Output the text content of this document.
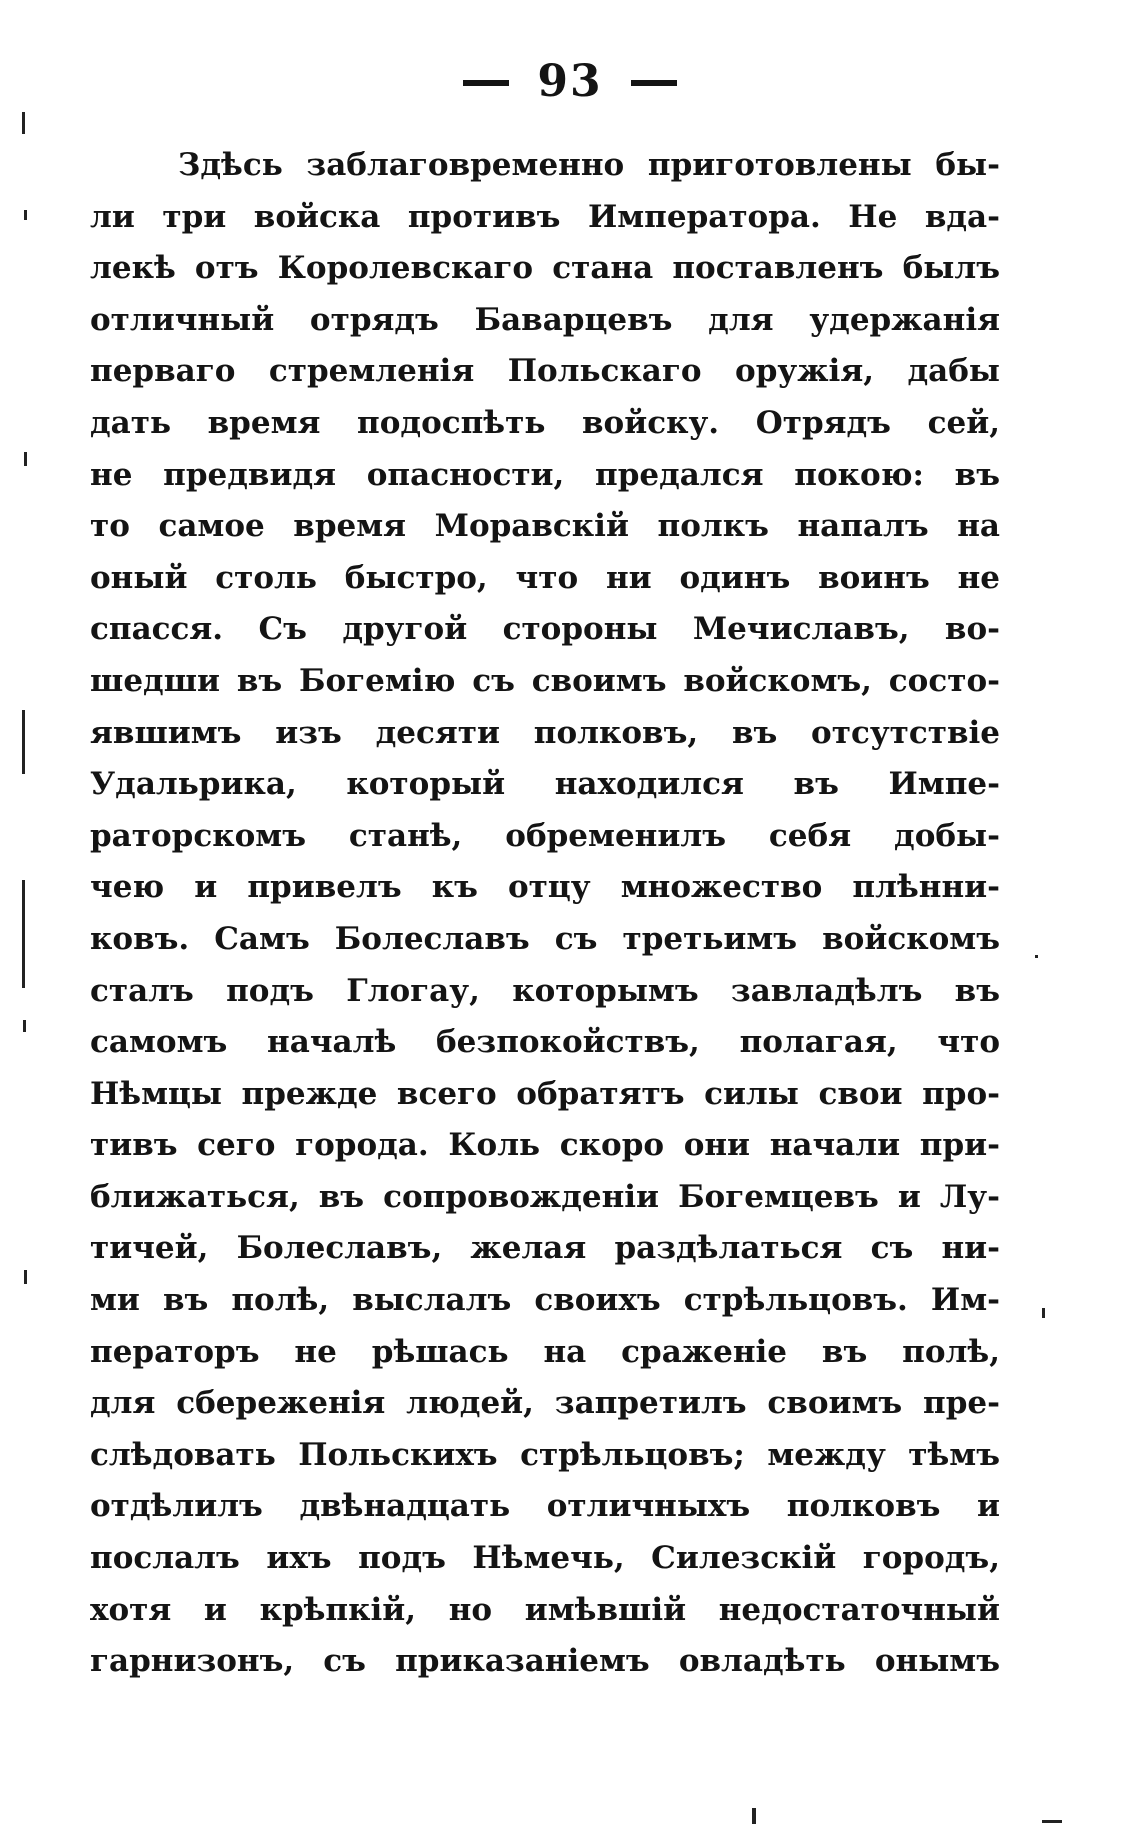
93
Здѣсь заблаговременно приготовлены бы-
ли три войска противъ Императора. Не вда-
лекѣ отъ Королевскаго стана поставленъ былъ
отличный отрядъ Баварцевъ для удержанія
перваго стремленія Польскаго оружія, дабы
дать время подоспѣть войску. Отрядъ сей,
не предвидя опасности, предался покою: въ
то самое время Моравскій полкъ напалъ на
оный столь быстро, что ни одинъ воинъ не
спасся. Съ другой стороны Мечиславъ, во-
шедши въ Богемію съ своимъ войскомъ, состо-
явшимъ изъ десяти полковъ, въ отсутствіе
Удальрика, который находился въ Импе-
раторскомъ станѣ, обременилъ себя добы-
чею и привелъ къ отцу множество плѣнни-
ковъ. Самъ Болеславъ съ третьимъ войскомъ
сталъ подъ Глогау, которымъ завладѣлъ въ
самомъ началѣ безпокойствъ, полагая, что
Нѣмцы прежде всего обратятъ силы свои про-
тивъ сего города. Коль скоро они начали при-
ближаться, въ сопровожденіи Богемцевъ и Лу-
тичей, Болеславъ, желая раздѣлаться съ ни-
ми въ полѣ, выслалъ своихъ стрѣльцовъ. Им-
ператоръ не рѣшась на сраженіе въ полѣ,
для сбереженія людей, запретилъ своимъ пре-
слѣдовать Польскихъ стрѣльцовъ; между тѣмъ
отдѣлилъ двѣнадцать отличныхъ полковъ и
послалъ ихъ подъ Нѣмечь, Силезскій городъ,
хотя и крѣпкій, но имѣвшій недостаточный
гарнизонъ, съ приказаніемъ овладѣть онымъ
